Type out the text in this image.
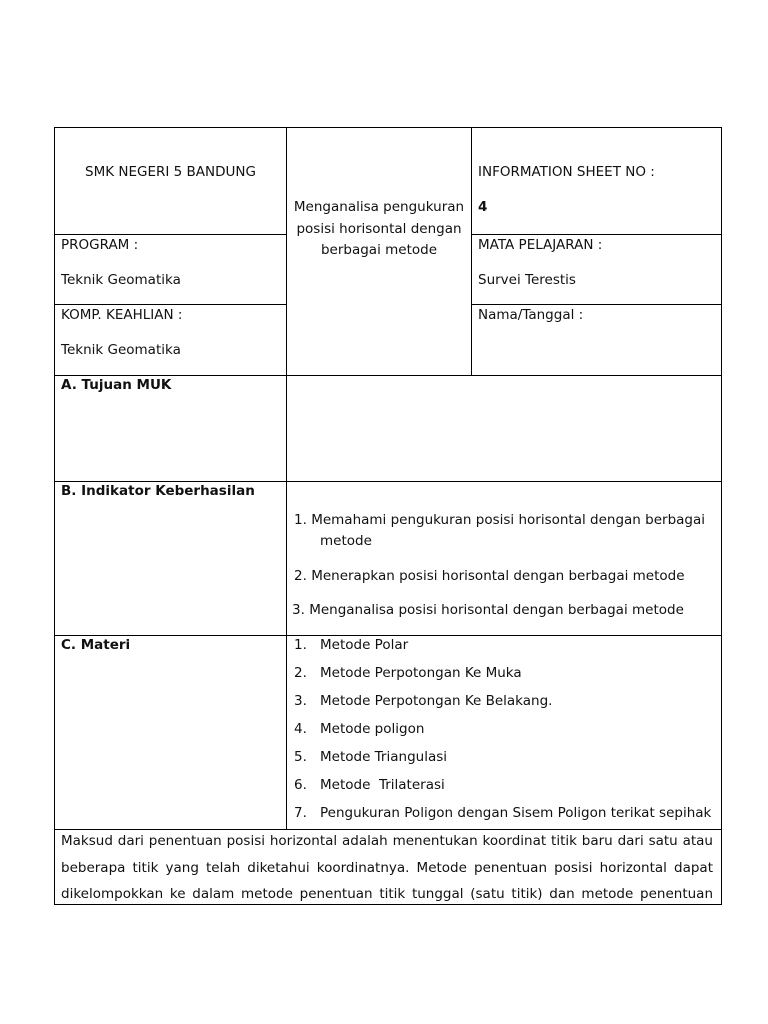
SMK NEGERI 5 BANDUNG
Menganalisa pengukuran
posisi horisontal dengan
berbagai metode
INFORMATION SHEET NO :
4
PROGRAM :
Teknik Geomatika
MATA PELAJARAN :
Survei Terestis
KOMP. KEAHLIAN :
Teknik Geomatika
Nama/Tanggal :
A. Tujuan MUK
B. Indikator Keberhasilan
1. Memahami pengukuran posisi horisontal dengan berbagai
metode
2. Menerapkan posisi horisontal dengan berbagai metode
3. Menganalisa posisi horisontal dengan berbagai metode
C. Materi	1. Metode Polar
2. Metode Perpotongan Ke Muka
3. Metode Perpotongan Ke Belakang.
4. Metode poligon
5. Metode Triangulasi
6. Metode  Trilaterasi
7. Pengukuran Poligon dengan Sisem Poligon terikat sepihak
Maksud dari penentuan posisi horizontal adalah menentukan koordinat titik baru dari satu atau
beberapa titik yang telah diketahui koordinatnya. Metode penentuan posisi horizontal dapat
dikelompokkan ke dalam metode penentuan titik tunggal (satu titik) dan metode penentuan
